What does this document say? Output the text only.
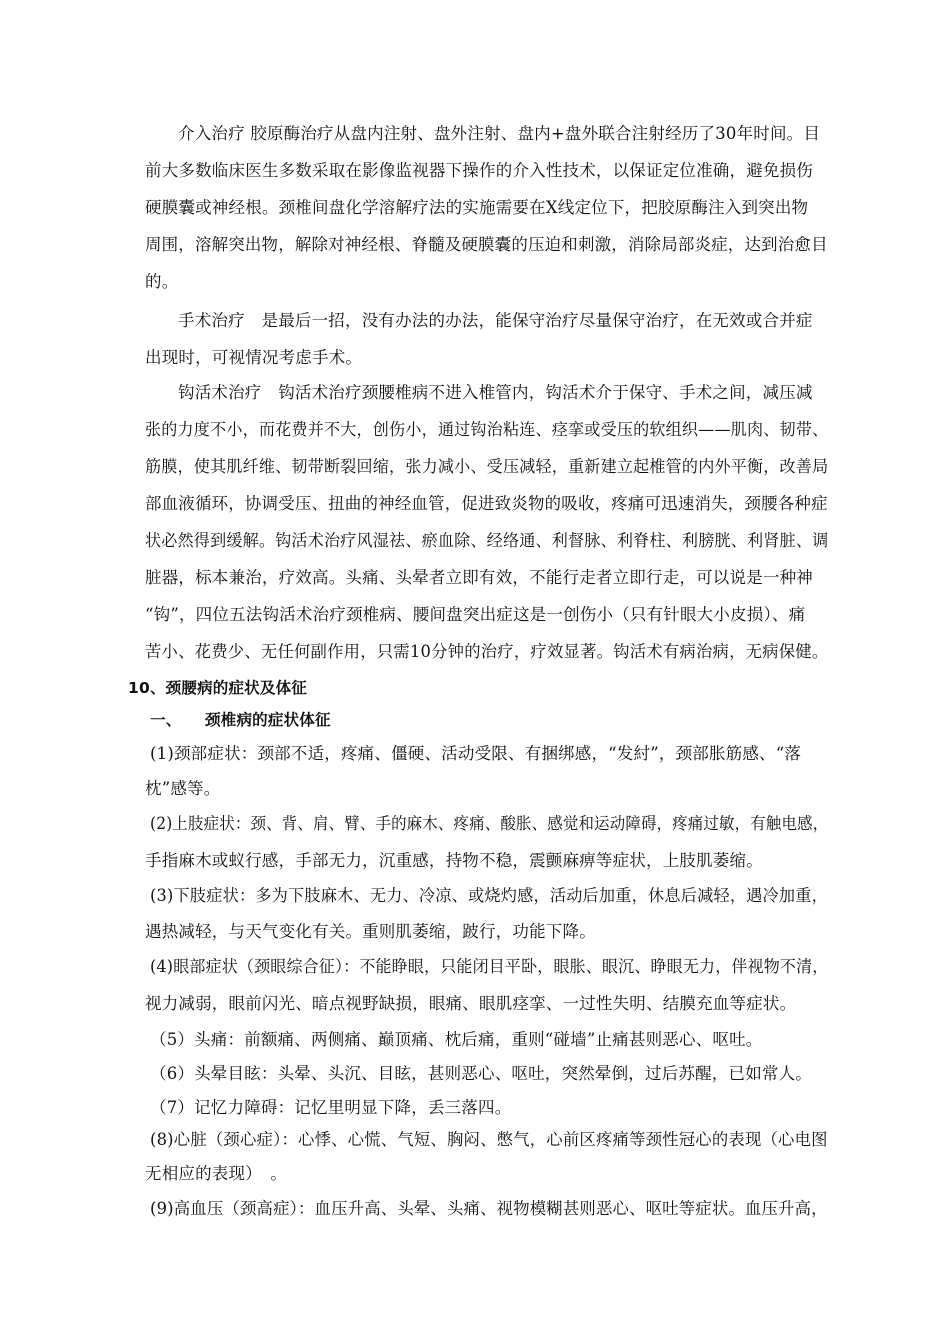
介入治疗 胶原酶治疗从盘内注射、盘外注射、盘内+盘外联合注射经历了30年时间。目
前大多数临床医生多数采取在影像监视器下操作的介入性技术，以保证定位准确，避免损伤
硬膜囊或神经根。颈椎间盘化学溶解疗法的实施需要在X线定位下，把胶原酶注入到突出物
周围，溶解突出物，解除对神经根、脊髓及硬膜囊的压迫和刺激，消除局部炎症，达到治愈目
的。
手术治疗　是最后一招，没有办法的办法，能保守治疗尽量保守治疗，在无效或合并症
出现时，可视情况考虑手术。
钩活术治疗　钩活术治疗颈腰椎病不进入椎管内，钩活术介于保守、手术之间，减压减
张的力度不小，而花费并不大，创伤小，通过钩治粘连、痉挛或受压的软组织——肌肉、韧带、
筋膜，使其肌纤维、韧带断裂回缩，张力减小、受压减轻，重新建立起椎管的内外平衡，改善局
部血液循环，协调受压、扭曲的神经血管，促进致炎物的吸收，疼痛可迅速消失，颈腰各种症
状必然得到缓解。钩活术治疗风湿祛、瘀血除、经络通、利督脉、利脊柱、利膀胱、利肾脏、调
脏器，标本兼治，疗效高。头痛、头晕者立即有效，不能行走者立即行走，可以说是一种神
“钩”，四位五法钩活术治疗颈椎病、腰间盘突出症这是一创伤小（只有针眼大小皮损）、痛
苦小、花费少、无任何副作用，只需10分钟的治疗，疗效显著。钩活术有病治病，无病保健。
10、颈腰病的症状及体征
一、　　颈椎病的症状体征
(1)颈部症状：颈部不适，疼痛、僵硬、活动受限、有捆绑感，“发紂”，颈部胀筋感、“落
枕”感等。
(2)上肢症状：颈、背、肩、臂、手的麻木、疼痛、酸胀、感觉和运动障碍，疼痛过敏，有触电感，
手指麻木或蚁行感，手部无力，沉重感，持物不稳，震颤麻痹等症状，上肢肌萎缩。
(3)下肢症状：多为下肢麻木、无力、冷凉、或烧灼感，活动后加重，休息后减轻，遇冷加重，
遇热减轻，与天气变化有关。重则肌萎缩，跛行，功能下降。
(4)眼部症状（颈眼综合征）：不能睁眼，只能闭目平卧，眼胀、眼沉、睁眼无力，伴视物不清，
视力减弱，眼前闪光、暗点视野缺损，眼痛、眼肌痉挛、一过性失明、结膜充血等症状。
（5）头痛：前额痛、两侧痛、巅顶痛、枕后痛，重则“碰墙”止痛甚则恶心、呕吐。
（6）头晕目眩：头晕、头沉、目眩，甚则恶心、呕吐，突然晕倒，过后苏醒，已如常人。
（7）记忆力障碍：记忆里明显下降，丢三落四。
(8)心脏（颈心症）：心悸、心慌、气短、胸闷、憋气，心前区疼痛等颈性冠心的表现（心电图
无相应的表现）　。
(9)高血压（颈高症）：血压升高、头晕、头痛、视物模糊甚则恶心、呕吐等症状。血压升高，
